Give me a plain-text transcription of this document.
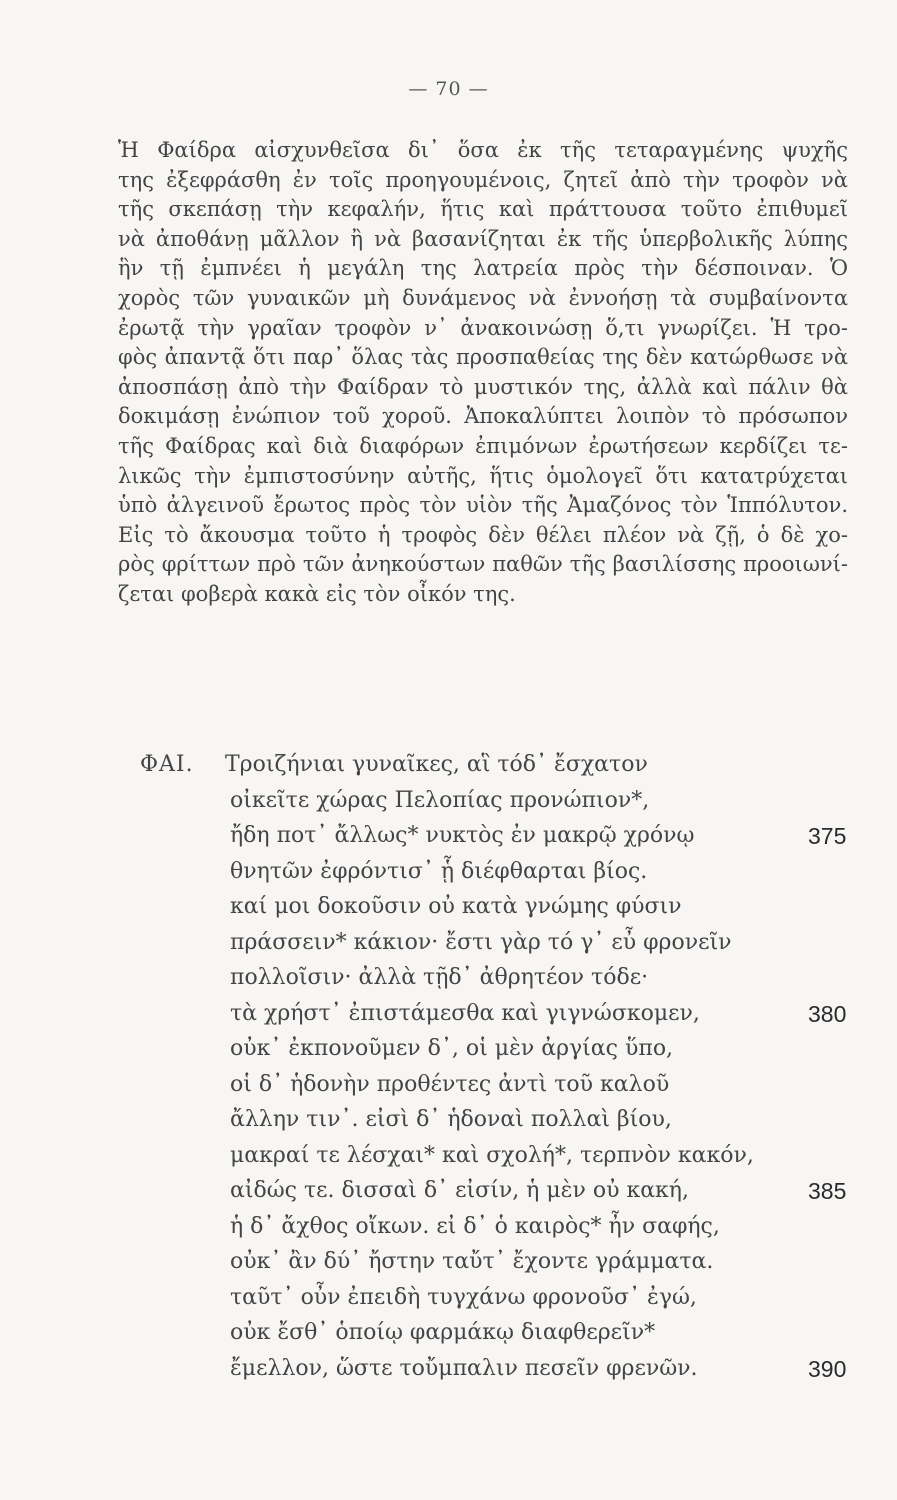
— 70 —
Ἡ Φαίδρα αἰσχυνθεῖσα δι᾿ ὅσα ἐκ τῆς τεταραγμένης ψυχῆς
της ἐξεφράσθη ἐν τοῖς προηγουμένοις, ζητεῖ ἀπὸ τὴν τροφὸν νὰ
τῆς σκεπάσῃ τὴν κεφαλήν, ἥτις καὶ πράττουσα τοῦτο ἐπιθυμεῖ
νὰ ἀποθάνῃ μᾶλλον ἢ νὰ βασανίζηται ἐκ τῆς ὑπερβολικῆς λύπης
ἣν τῇ ἐμπνέει ἡ μεγάλη της λατρεία πρὸς τὴν δέσποιναν. Ὁ
χορὸς τῶν γυναικῶν μὴ δυνάμενος νὰ ἐννοήσῃ τὰ συμβαίνοντα
ἐρωτᾷ τὴν γραῖαν τροφὸν ν᾿ ἀνακοινώσῃ ὅ,τι γνωρίζει. Ἡ τρο-
φὸς ἀπαντᾷ ὅτι παρ᾿ ὅλας τὰς προσπαθείας της δὲν κατώρθωσε νὰ
ἀποσπάσῃ ἀπὸ τὴν Φαίδραν τὸ μυστικόν της, ἀλλὰ καὶ πάλιν θὰ
δοκιμάσῃ ἐνώπιον τοῦ χοροῦ. Ἀποκαλύπτει λοιπὸν τὸ πρόσωπον
τῆς Φαίδρας καὶ διὰ διαφόρων ἐπιμόνων ἐρωτήσεων κερδίζει τε-
λικῶς τὴν ἐμπιστοσύνην αὐτῆς, ἥτις ὁμολογεῖ ὅτι κατατρύχεται
ὑπὸ ἀλγεινοῦ ἔρωτος πρὸς τὸν υἱὸν τῆς Ἀμαζόνος τὸν Ἱππόλυτον.
Εἰς τὸ ἄκουσμα τοῦτο ἡ τροφὸς δὲν θέλει πλέον νὰ ζῇ, ὁ δὲ χο-
ρὸς φρίττων πρὸ τῶν ἀνηκούστων παθῶν τῆς βασιλίσσης προοιωνί-
ζεται φοβερὰ κακὰ εἰς τὸν οἶκόν της.
ΦΑΙ. Τροιζήνιαι γυναῖκες, αἳ τόδ᾿ ἔσχατον
οἰκεῖτε χώρας Πελοπίας προνώπιον*,
ἤδη ποτ᾿ ἄλλως* νυκτὸς ἐν μακρῷ χρόνῳ	375
θνητῶν ἐφρόντισ᾿ ᾗ διέφθαρται βίος.
καί μοι δοκοῦσιν οὐ κατὰ γνώμης φύσιν
πράσσειν* κάκιον· ἔστι γὰρ τό γ᾿ εὖ φρονεῖν
πολλοῖσιν· ἀλλὰ τῇδ᾿ ἀθρητέον τόδε·
τὰ χρήστ᾿ ἐπιστάμεσθα καὶ γιγνώσκομεν,	380
οὐκ᾿ ἐκπονοῦμεν δ᾿, οἱ μὲν ἀργίας ὕπο,
οἱ δ᾿ ἡδονὴν προθέντες ἀντὶ τοῦ καλοῦ
ἄλλην τιν᾿. εἰσὶ δ᾿ ἡδοναὶ πολλαὶ βίου,
μακραί τε λέσχαι* καὶ σχολή*, τερπνὸν κακόν,
αἰδώς τε. δισσαὶ δ᾿ εἰσίν, ἡ μὲν οὐ κακή,	385
ἡ δ᾿ ἄχθος οἴκων. εἰ δ᾿ ὁ καιρὸς* ἦν σαφής,
οὐκ᾿ ἂν δύ᾿ ἤστην ταὔτ᾿ ἔχοντε γράμματα.
ταῦτ᾿ οὖν ἐπειδὴ τυγχάνω φρονοῦσ᾿ ἐγώ,
οὐκ ἔσθ᾿ ὁποίῳ φαρμάκῳ διαφθερεῖν*
ἔμελλον, ὥστε τοὔμπαλιν πεσεῖν φρενῶν.	390
